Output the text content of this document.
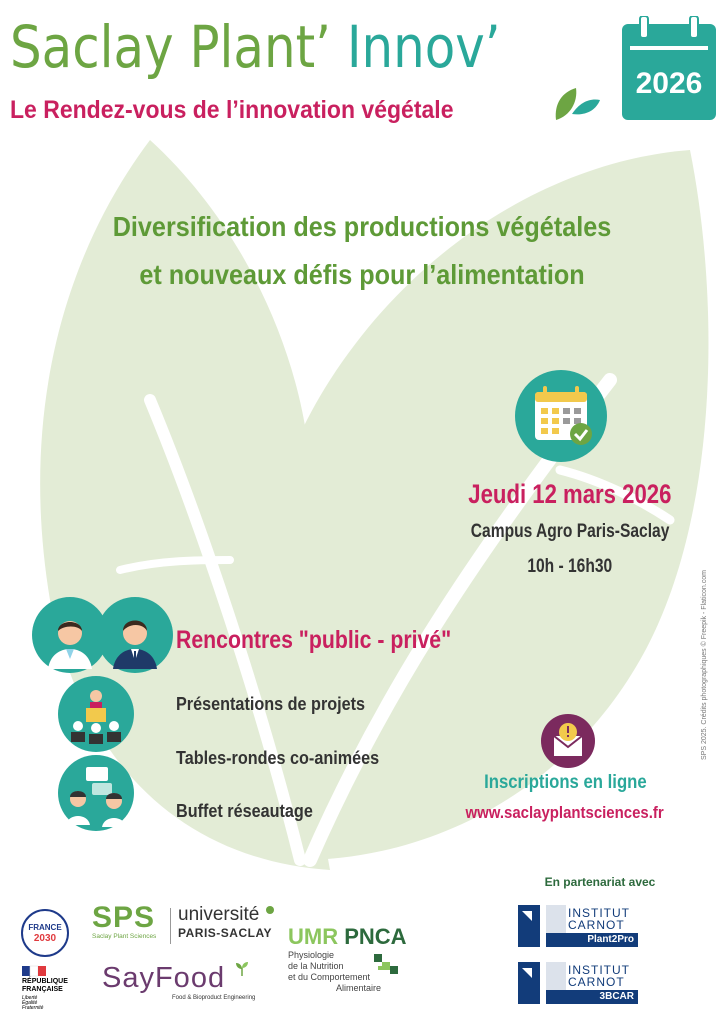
Saclay Plant’ Innov’
Le Rendez-vous de l’innovation végétale
2026
Diversification des productions végétales
et nouveaux défis pour l’alimentation
Jeudi 12 mars 2026
Campus Agro Paris-Saclay
10h - 16h30
Rencontres "public - privé"
Présentations de projets
Tables-rondes co-animées
Buffet réseautage
Inscriptions en ligne
www.saclayplantsciences.fr
SPS 2025. Crédits photographiques © Freepik - Flaticon.com
En partenariat avec
FRANCE
2030
RÉPUBLIQUE
FRANÇAISE
Liberté
Égalité
Fraternité
SPS
Saclay Plant Sciences
université
PARIS-SACLAY
SayFood
Food & Bioproduct Engineering
UMR PNCA
Physiologie
de la Nutrition
et du Comportement
Alimentaire
INSTITUT
CARNOT
Plant2Pro
INSTITUT
CARNOT
3BCAR
